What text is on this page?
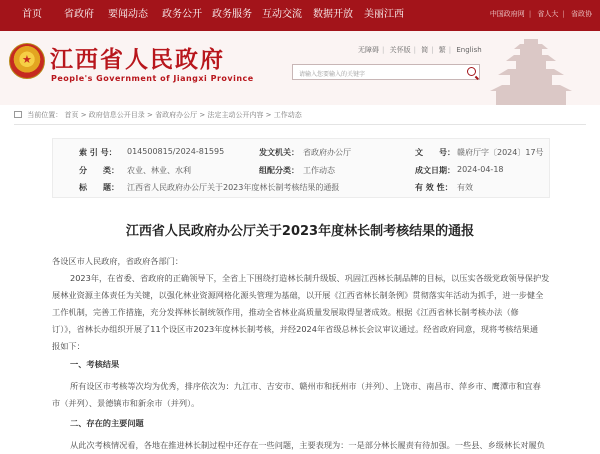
首页 省政府 要闻动态 政务公开 政务服务 互动交流 数据开放 美丽江西	中国政府网 | 省人大 | 省政协
★ 江西省人民政府
People's Government of Jiangxi Province
无障碍 | 关怀版 | 简 | 繁 | English
请输入您要输入的关键字
当前位置： 首页 > 政府信息公开目录 > 省政府办公厅 > 法定主动公开内容 > 工作动态
索 引 号： 014500815/2024-81595	发文机关： 省政府办公厅	文　　号： 赣府厅字〔2024〕17号
分　　类： 农业、林业、水利	组配分类： 工作动态	成文日期： 2024-04-18
标　　题： 江西省人民政府办公厅关于2023年度林长制考核结果的通报	有 效 性： 有效
江西省人民政府办公厅关于2023年度林长制考核结果的通报
各设区市人民政府，省政府各部门：
2023年，在省委、省政府的正确领导下，全省上下围绕打造林长制升级版、巩固江西林长制品牌的目标，以压实各级党政领导保护发
展林业资源主体责任为关键，以强化林业资源网格化源头管理为基础，以开展《江西省林长制条例》贯彻落实年活动为抓手，进一步健全
工作机制，完善工作措施，充分发挥林长制统领作用，推动全省林业高质量发展取得显著成效。根据《江西省林长制考核办法（修
订）》，省林长办组织开展了11个设区市2023年度林长制考核，并经2024年省级总林长会议审议通过。经省政府同意，现将考核结果通
报如下：
一、考核结果
所有设区市考核等次均为优秀，排序依次为：九江市、吉安市、赣州市和抚州市（并列）、上饶市、南昌市、萍乡市、鹰潭市和宜春
市（并列）、景德镇市和新余市（并列）。
二、存在的主要问题
从此次考核情况看，各地在推进林长制过程中还存在一些问题，主要表现为：一是部分林长履责有待加强。一些县、乡级林长对履负
